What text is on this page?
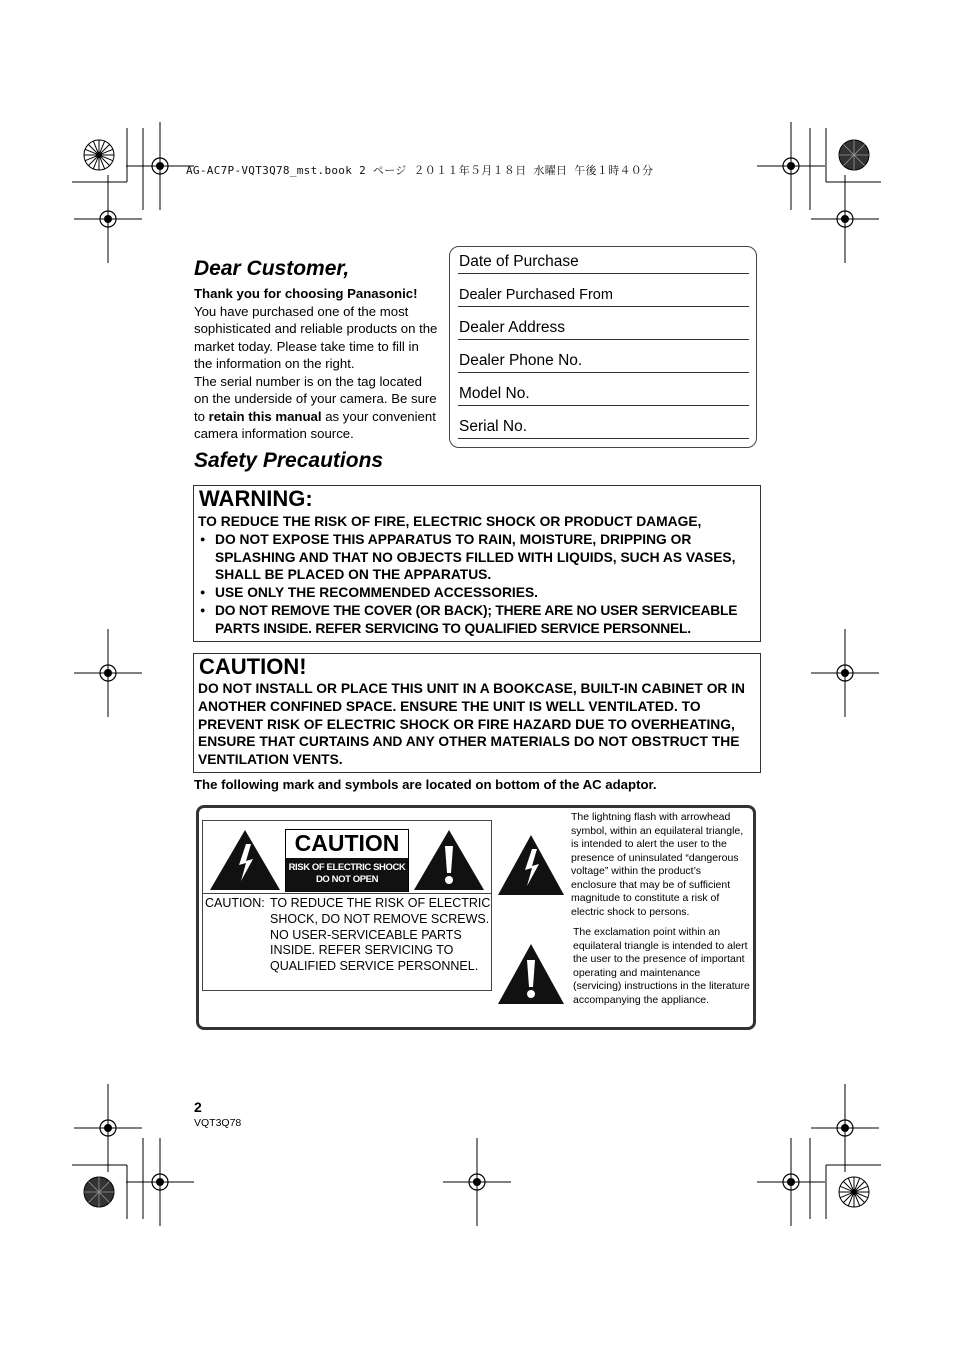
AG-AC7P-VQT3Q78_mst.book 2 ページ ２０１１年５月１８日 水曜日 午後１時４０分
Dear Customer,

Thank you for choosing Panasonic!

You have purchased one of the most sophisticated and reliable products on the market today. Please take time to fill in the information on the right.

The serial number is on the tag located on the underside of your camera. Be sure to retain this manual as your convenient camera information source.

Date of Purchase
Dealer Purchased From
Dealer Address
Dealer Phone No.
Model No.
Serial No.
Safety Precautions
WARNING:
TO REDUCE THE RISK OF FIRE, ELECTRIC SHOCK OR PRODUCT DAMAGE,
● DO NOT EXPOSE THIS APPARATUS TO RAIN, MOISTURE, DRIPPING OR SPLASHING AND THAT NO OBJECTS FILLED WITH LIQUIDS, SUCH AS VASES, SHALL BE PLACED ON THE APPARATUS.
● USE ONLY THE RECOMMENDED ACCESSORIES.
● DO NOT REMOVE THE COVER (OR BACK); THERE ARE NO USER SERVICEABLE PARTS INSIDE. REFER SERVICING TO QUALIFIED SERVICE PERSONNEL.
CAUTION!
DO NOT INSTALL OR PLACE THIS UNIT IN A BOOKCASE, BUILT-IN CABINET OR IN ANOTHER CONFINED SPACE. ENSURE THE UNIT IS WELL VENTILATED. TO PREVENT RISK OF ELECTRIC SHOCK OR FIRE HAZARD DUE TO OVERHEATING, ENSURE THAT CURTAINS AND ANY OTHER MATERIALS DO NOT OBSTRUCT THE VENTILATION VENTS.
The following mark and symbols are located on bottom of the AC adaptor.
CAUTION
RISK OF ELECTRIC SHOCK
DO NOT OPEN
CAUTION: TO REDUCE THE RISK OF ELECTRIC SHOCK, DO NOT REMOVE SCREWS. NO USER-SERVICEABLE PARTS INSIDE. REFER SERVICING TO QUALIFIED SERVICE PERSONNEL.
The lightning flash with arrowhead symbol, within an equilateral triangle, is intended to alert the user to the presence of uninsulated “dangerous voltage” within the product’s enclosure that may be of sufficient magnitude to constitute a risk of electric shock to persons.
The exclamation point within an equilateral triangle is intended to alert the user to the presence of important operating and maintenance (servicing) instructions in the literature accompanying the appliance.
2
VQT3Q78
